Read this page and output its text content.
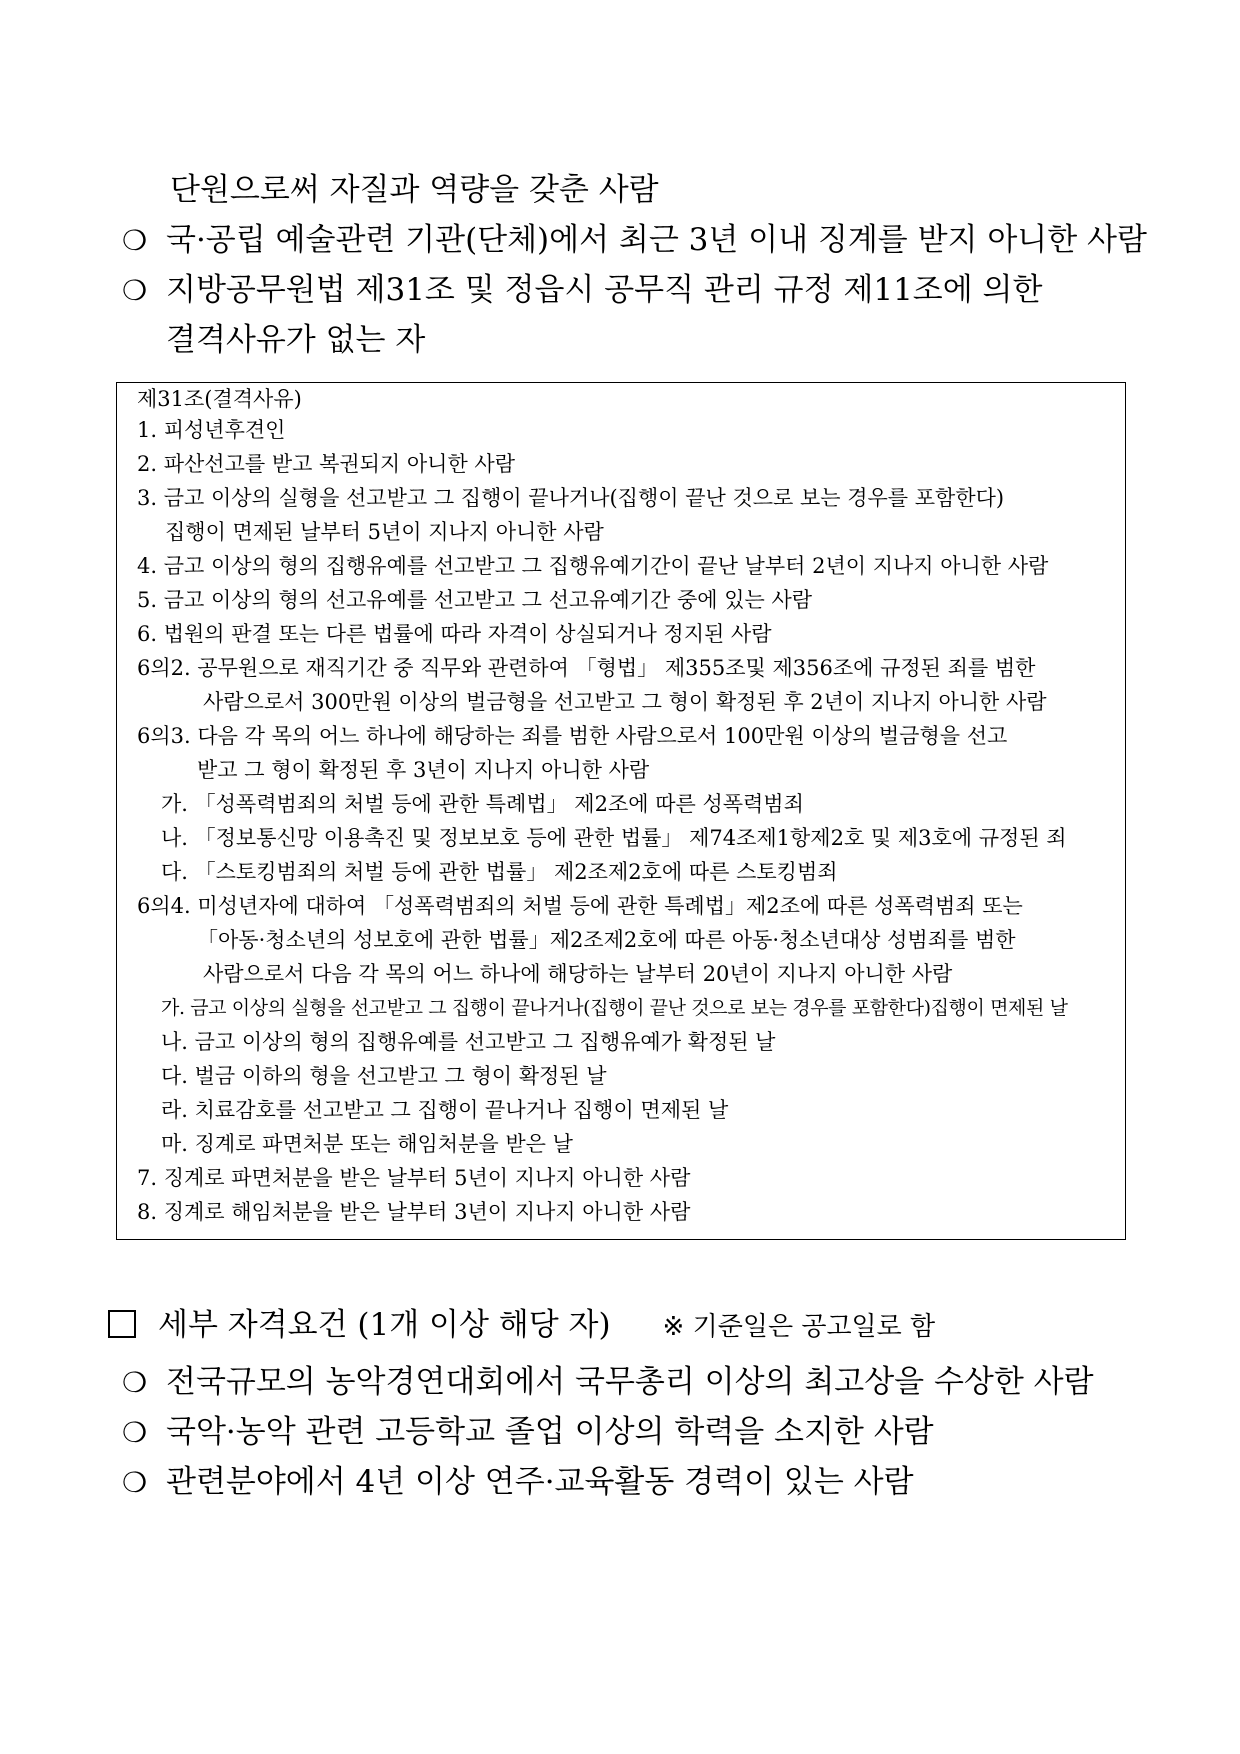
단원으로써 자질과 역량을 갖춘 사람
❍ 국·공립 예술관련 기관(단체)에서 최근 3년 이내 징계를 받지 아니한 사람
❍ 지방공무원법 제31조 및 정읍시 공무직 관리 규정 제11조에 의한
결격사유가 없는 자
제31조(결격사유)
1. 피성년후견인
2. 파산선고를 받고 복권되지 아니한 사람
3. 금고 이상의 실형을 선고받고 그 집행이 끝나거나(집행이 끝난 것으로 보는 경우를 포함한다)
집행이 면제된 날부터 5년이 지나지 아니한 사람
4. 금고 이상의 형의 집행유예를 선고받고 그 집행유예기간이 끝난 날부터 2년이 지나지 아니한 사람
5. 금고 이상의 형의 선고유예를 선고받고 그 선고유예기간 중에 있는 사람
6. 법원의 판결 또는 다른 법률에 따라 자격이 상실되거나 정지된 사람
6의2. 공무원으로 재직기간 중 직무와 관련하여 「형법」 제355조및 제356조에 규정된 죄를 범한
사람으로서 300만원 이상의 벌금형을 선고받고 그 형이 확정된 후 2년이 지나지 아니한 사람
6의3. 다음 각 목의 어느 하나에 해당하는 죄를 범한 사람으로서 100만원 이상의 벌금형을 선고
받고 그 형이 확정된 후 3년이 지나지 아니한 사람
가. 「성폭력범죄의 처벌 등에 관한 특례법」 제2조에 따른 성폭력범죄
나. 「정보통신망 이용촉진 및 정보보호 등에 관한 법률」 제74조제1항제2호 및 제3호에 규정된 죄
다. 「스토킹범죄의 처벌 등에 관한 법률」 제2조제2호에 따른 스토킹범죄
6의4. 미성년자에 대하여 「성폭력범죄의 처벌 등에 관한 특례법」제2조에 따른 성폭력범죄 또는
「아동·청소년의 성보호에 관한 법률」제2조제2호에 따른 아동·청소년대상 성범죄를 범한
사람으로서 다음 각 목의 어느 하나에 해당하는 날부터 20년이 지나지 아니한 사람
가. 금고 이상의 실형을 선고받고 그 집행이 끝나거나(집행이 끝난 것으로 보는 경우를 포함한다)집행이 면제된 날
나. 금고 이상의 형의 집행유예를 선고받고 그 집행유예가 확정된 날
다. 벌금 이하의 형을 선고받고 그 형이 확정된 날
라. 치료감호를 선고받고 그 집행이 끝나거나 집행이 면제된 날
마. 징계로 파면처분 또는 해임처분을 받은 날
7. 징계로 파면처분을 받은 날부터 5년이 지나지 아니한 사람
8. 징계로 해임처분을 받은 날부터 3년이 지나지 아니한 사람
세부 자격요건 (1개 이상 해당 자) ※ 기준일은 공고일로 함
❍ 전국규모의 농악경연대회에서 국무총리 이상의 최고상을 수상한 사람
❍ 국악·농악 관련 고등학교 졸업 이상의 학력을 소지한 사람
❍ 관련분야에서 4년 이상 연주·교육활동 경력이 있는 사람
